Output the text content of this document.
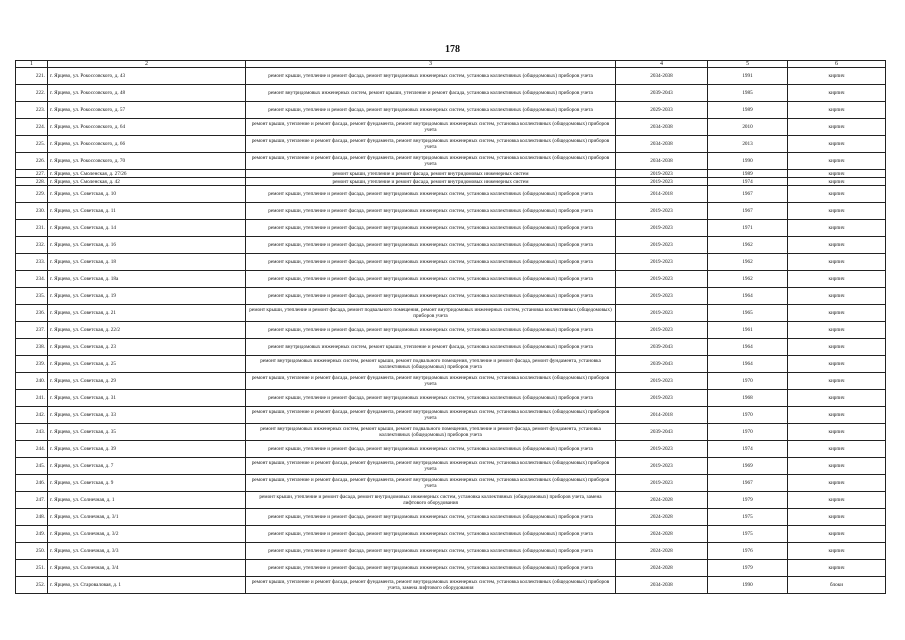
178
1	2	3	4	5	6
221.	г. Ярцево, ул. Рокоссовского, д. 43	ремонт крыши, утепление и ремонт фасада, ремонт внутридомовых инженерных систем, установка коллективных (общедомовых) приборов учета	2034-2038	1991	кирпич
222.	г. Ярцево, ул. Рокоссовского, д. 48	ремонт внутридомовых инженерных систем, ремонт крыши, утепление и ремонт фасада, установка коллективных (общедомовых) приборов учета	2039-2043	1985	кирпич
223.	г. Ярцево, ул. Рокоссовского, д. 57	ремонт крыши, утепление и ремонт фасада, ремонт внутридомовых инженерных систем, установка коллективных (общедомовых) приборов учета	2029-2033	1989	кирпич
224.	г. Ярцево, ул. Рокоссовского, д. 64	ремонт крыши, утепление и ремонт фасада, ремонт фундамента, ремонт внутридомовых инженерных систем, установка коллективных (общедомовых) приборов учета	2034-2038	2010	кирпич
225.	г. Ярцево, ул. Рокоссовского, д. 66	ремонт крыши, утепление и ремонт фасада, ремонт фундамента, ремонт внутридомовых инженерных систем, установка коллективных (общедомовых) приборов учета	2034-2038	2013	кирпич
226.	г. Ярцево, ул. Рокоссовского, д. 70	ремонт крыши, утепление и ремонт фасада, ремонт фундамента, ремонт внутридомовых инженерных систем, установка коллективных (общедомовых) приборов учета	2034-2038	1990	кирпич
227.	г. Ярцево, ул. Смоленская, д. 27/26	ремонт крыши, утепление и ремонт фасада, ремонт внутридомовых инженерных систем	2019-2023	1989	кирпич
228.	г. Ярцево, ул. Смоленская, д. 42	ремонт крыши, утепление и ремонт фасада, ремонт внутридомовых инженерных систем	2019-2023	1974	кирпич
229.	г. Ярцево, ул. Советская, д. 10	ремонт крыши, утепление и ремонт фасада, ремонт внутридомовых инженерных систем, установка коллективных (общедомовых) приборов учета	2014-2018	1967	кирпич
230.	г. Ярцево, ул. Советская, д. 11	ремонт крыши, утепление и ремонт фасада, ремонт внутридомовых инженерных систем, установка коллективных (общедомовых) приборов учета	2019-2023	1967	кирпич
231.	г. Ярцево, ул. Советская, д. 14	ремонт крыши, утепление и ремонт фасада, ремонт внутридомовых инженерных систем, установка коллективных (общедомовых) приборов учета	2019-2023	1971	кирпич
232.	г. Ярцево, ул. Советская, д. 16	ремонт крыши, утепление и ремонт фасада, ремонт внутридомовых инженерных систем, установка коллективных (общедомовых) приборов учета	2019-2023	1962	кирпич
233.	г. Ярцево, ул. Советская, д. 18	ремонт крыши, утепление и ремонт фасада, ремонт внутридомовых инженерных систем, установка коллективных (общедомовых) приборов учета	2019-2023	1962	кирпич
234.	г. Ярцево, ул. Советская, д. 18а	ремонт крыши, утепление и ремонт фасада, ремонт внутридомовых инженерных систем, установка коллективных (общедомовых) приборов учета	2019-2023	1962	кирпич
235.	г. Ярцево, ул. Советская, д. 19	ремонт крыши, утепление и ремонт фасада, ремонт внутридомовых инженерных систем, установка коллективных (общедомовых) приборов учета	2019-2023	1964	кирпич
236.	г. Ярцево, ул. Советская, д. 21	ремонт крыши, утепление и ремонт фасада, ремонт подвального помещения, ремонт внутридомовых инженерных систем, установка коллективных (общедомовых) приборов учета	2019-2023	1965	кирпич
237.	г. Ярцево, ул. Советская, д. 22/2	ремонт крыши, утепление и ремонт фасада, ремонт внутридомовых инженерных систем, установка коллективных (общедомовых) приборов учета	2019-2023	1961	кирпич
238.	г. Ярцево, ул. Советская, д. 23	ремонт внутридомовых инженерных систем, ремонт крыши, утепление и ремонт фасада, установка коллективных (общедомовых) приборов учета	2039-2043	1964	кирпич
239.	г. Ярцево, ул. Советская, д. 25	ремонт внутридомовых инженерных систем, ремонт крыши, ремонт подвального помещения, утепление и ремонт фасада, ремонт фундамента, установка коллективных (общедомовых) приборов учета	2039-2043	1964	кирпич
240.	г. Ярцево, ул. Советская, д. 29	ремонт крыши, утепление и ремонт фасада, ремонт фундамента, ремонт внутридомовых инженерных систем, установка коллективных (общедомовых) приборов учета	2019-2023	1970	кирпич
241.	г. Ярцево, ул. Советская, д. 31	ремонт крыши, утепление и ремонт фасада, ремонт внутридомовых инженерных систем, установка коллективных (общедомовых) приборов учета	2019-2023	1968	кирпич
242.	г. Ярцево, ул. Советская, д. 33	ремонт крыши, утепление и ремонт фасада, ремонт фундамента, ремонт внутридомовых инженерных систем, установка коллективных (общедомовых) приборов учета	2014-2018	1970	кирпич
243.	г. Ярцево, ул. Советская, д. 35	ремонт внутридомовых инженерных систем, ремонт крыши, ремонт подвального помещения, утепление и ремонт фасада, ремонт фундамента, установка коллективных (общедомовых) приборов учета	2039-2043	1970	кирпич
244.	г. Ярцево, ул. Советская, д. 39	ремонт крыши, утепление и ремонт фасада, ремонт внутридомовых инженерных систем, установка коллективных (общедомовых) приборов учета	2019-2023	1974	кирпич
245.	г. Ярцево, ул. Советская, д. 7	ремонт крыши, утепление и ремонт фасада, ремонт фундамента, ремонт внутридомовых инженерных систем, установка коллективных (общедомовых) приборов учета	2019-2023	1969	кирпич
246.	г. Ярцево, ул. Советская, д. 9	ремонт крыши, утепление и ремонт фасада, ремонт фундамента, ремонт внутридомовых инженерных систем, установка коллективных (общедомовых) приборов учета	2019-2023	1967	кирпич
247.	г. Ярцево, ул. Солнечная, д. 1	ремонт крыши, утепление и ремонт фасада, ремонт внутридомовых инженерных систем, установка коллективных (общедомовых) приборов учета, замена лифтового оборудования	2024-2028	1979	кирпич
248.	г. Ярцево, ул. Солнечная, д. 3/1	ремонт крыши, утепление и ремонт фасада, ремонт внутридомовых инженерных систем, установка коллективных (общедомовых) приборов учета	2024-2028	1975	кирпич
249.	г. Ярцево, ул. Солнечная, д. 3/2	ремонт крыши, утепление и ремонт фасада, ремонт внутридомовых инженерных систем, установка коллективных (общедомовых) приборов учета	2024-2028	1975	кирпич
250.	г. Ярцево, ул. Солнечная, д. 3/3	ремонт крыши, утепление и ремонт фасада, ремонт внутридомовых инженерных систем, установка коллективных (общедомовых) приборов учета	2024-2028	1976	кирпич
251.	г. Ярцево, ул. Солнечная, д. 3/4	ремонт крыши, утепление и ремонт фасада, ремонт внутридомовых инженерных систем, установка коллективных (общедомовых) приборов учета	2024-2028	1979	кирпич
252.	г. Ярцево, ул. Староваловая, д. 1	ремонт крыши, утепление и ремонт фасада, ремонт фундамента, ремонт внутридомовых инженерных систем, установка коллективных (общедомовых) приборов учета, замена лифтового оборудования	2034-2038	1990	блоки
